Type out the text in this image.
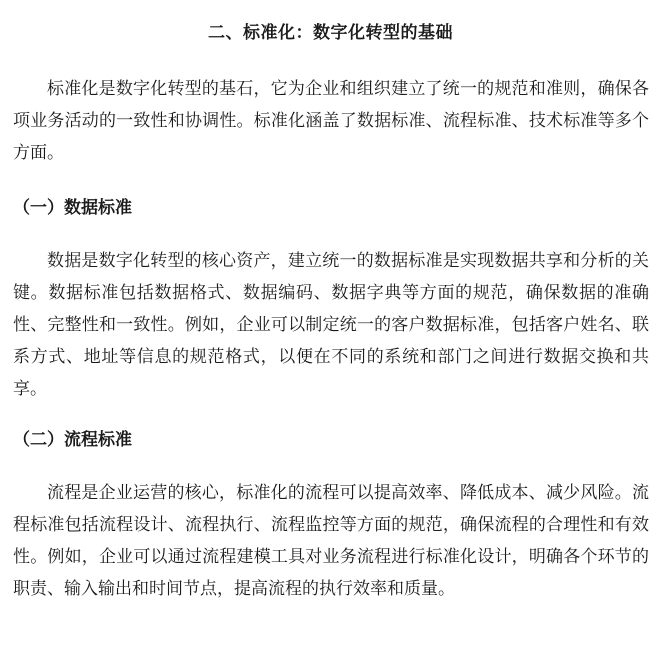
二、标准化：数字化转型的基础

标准化是数字化转型的基石，它为企业和组织建立了统一的规范和准则，确保各项业务活动的一致性和协调性。标准化涵盖了数据标准、流程标准、技术标准等多个方面。

（一）数据标准

数据是数字化转型的核心资产，建立统一的数据标准是实现数据共享和分析的关键。数据标准包括数据格式、数据编码、数据字典等方面的规范，确保数据的准确性、完整性和一致性。例如，企业可以制定统一的客户数据标准，包括客户姓名、联系方式、地址等信息的规范格式，以便在不同的系统和部门之间进行数据交换和共享。

（二）流程标准

流程是企业运营的核心，标准化的流程可以提高效率、降低成本、减少风险。流程标准包括流程设计、流程执行、流程监控等方面的规范，确保流程的合理性和有效性。例如，企业可以通过流程建模工具对业务流程进行标准化设计，明确各个环节的职责、输入输出和时间节点，提高流程的执行效率和质量。
